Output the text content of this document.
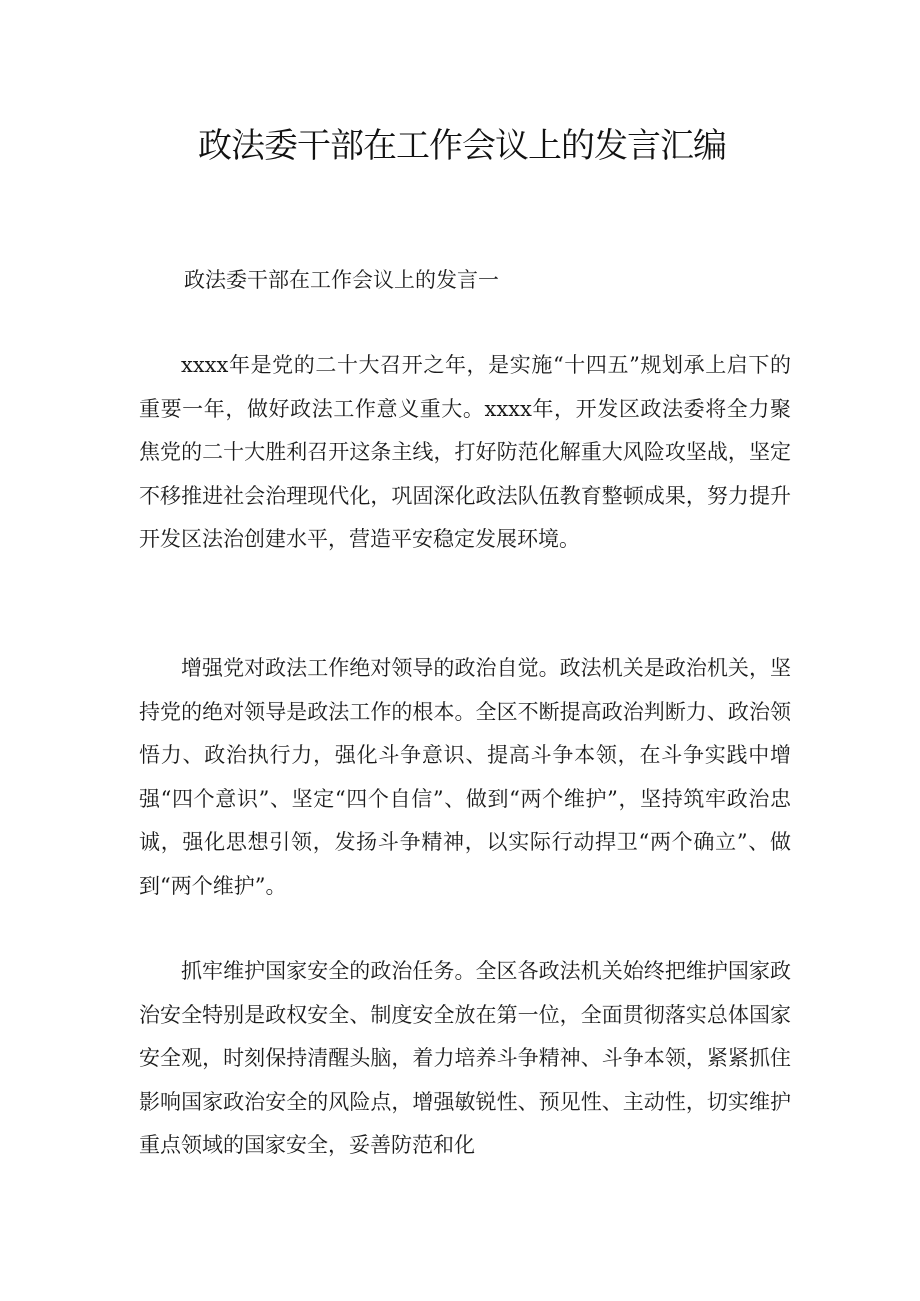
政法委干部在工作会议上的发言汇编

政法委干部在工作会议上的发言一

xxxx年是党的二十大召开之年，是实施“十四五”规划承上启下的重要一年，做好政法工作意义重大。xxxx年，开发区政法委将全力聚焦党的二十大胜利召开这条主线，打好防范化解重大风险攻坚战，坚定不移推进社会治理现代化，巩固深化政法队伍教育整顿成果，努力提升开发区法治创建水平，营造平安稳定发展环境。

增强党对政法工作绝对领导的政治自觉。政法机关是政治机关，坚持党的绝对领导是政法工作的根本。全区不断提高政治判断力、政治领悟力、政治执行力，强化斗争意识、提高斗争本领，在斗争实践中增强“四个意识”、坚定“四个自信”、做到“两个维护”，坚持筑牢政治忠诚，强化思想引领，发扬斗争精神，以实际行动捍卫“两个确立”、做到“两个维护”。

抓牢维护国家安全的政治任务。全区各政法机关始终把维护国家政治安全特别是政权安全、制度安全放在第一位，全面贯彻落实总体国家安全观，时刻保持清醒头脑，着力培养斗争精神、斗争本领，紧紧抓住影响国家政治安全的风险点，增强敏锐性、预见性、主动性，切实维护重点领域的国家安全，妥善防范和化
